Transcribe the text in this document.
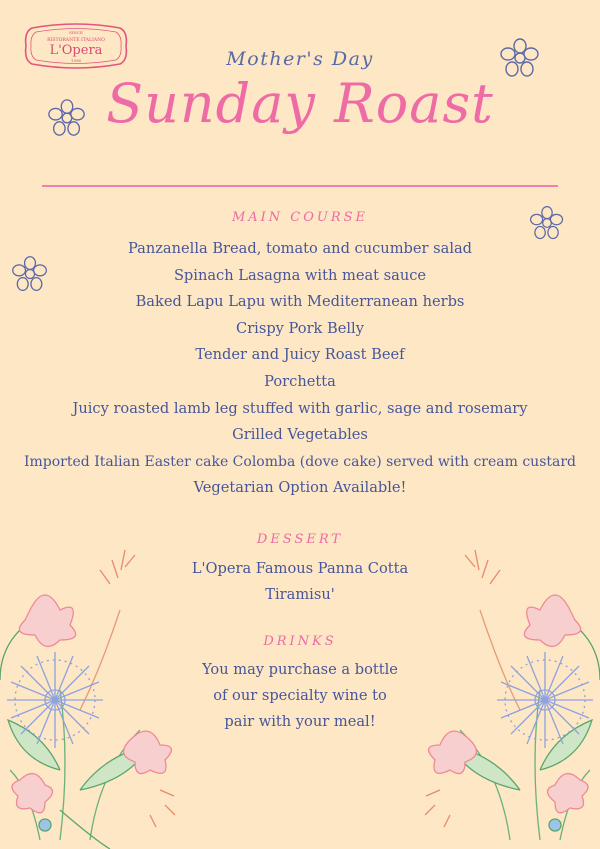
SINCE
RISTORANTE ITALIANO
L'Opera
1996	Mother's Day
Sunday Roast
MAIN COURSE
Panzanella Bread, tomato and cucumber salad
Spinach Lasagna with meat sauce
Baked Lapu Lapu with Mediterranean herbs
Crispy Pork Belly
Tender and Juicy Roast Beef
Porchetta
Juicy roasted lamb leg stuffed with garlic, sage and rosemary
Grilled Vegetables
Imported Italian Easter cake Colomba (dove cake) served with cream custard
Vegetarian Option Available!
DESSERT
L'Opera Famous Panna Cotta
Tiramisu'
DRINKS
You may purchase a bottle
of our specialty wine to
pair with your meal!
